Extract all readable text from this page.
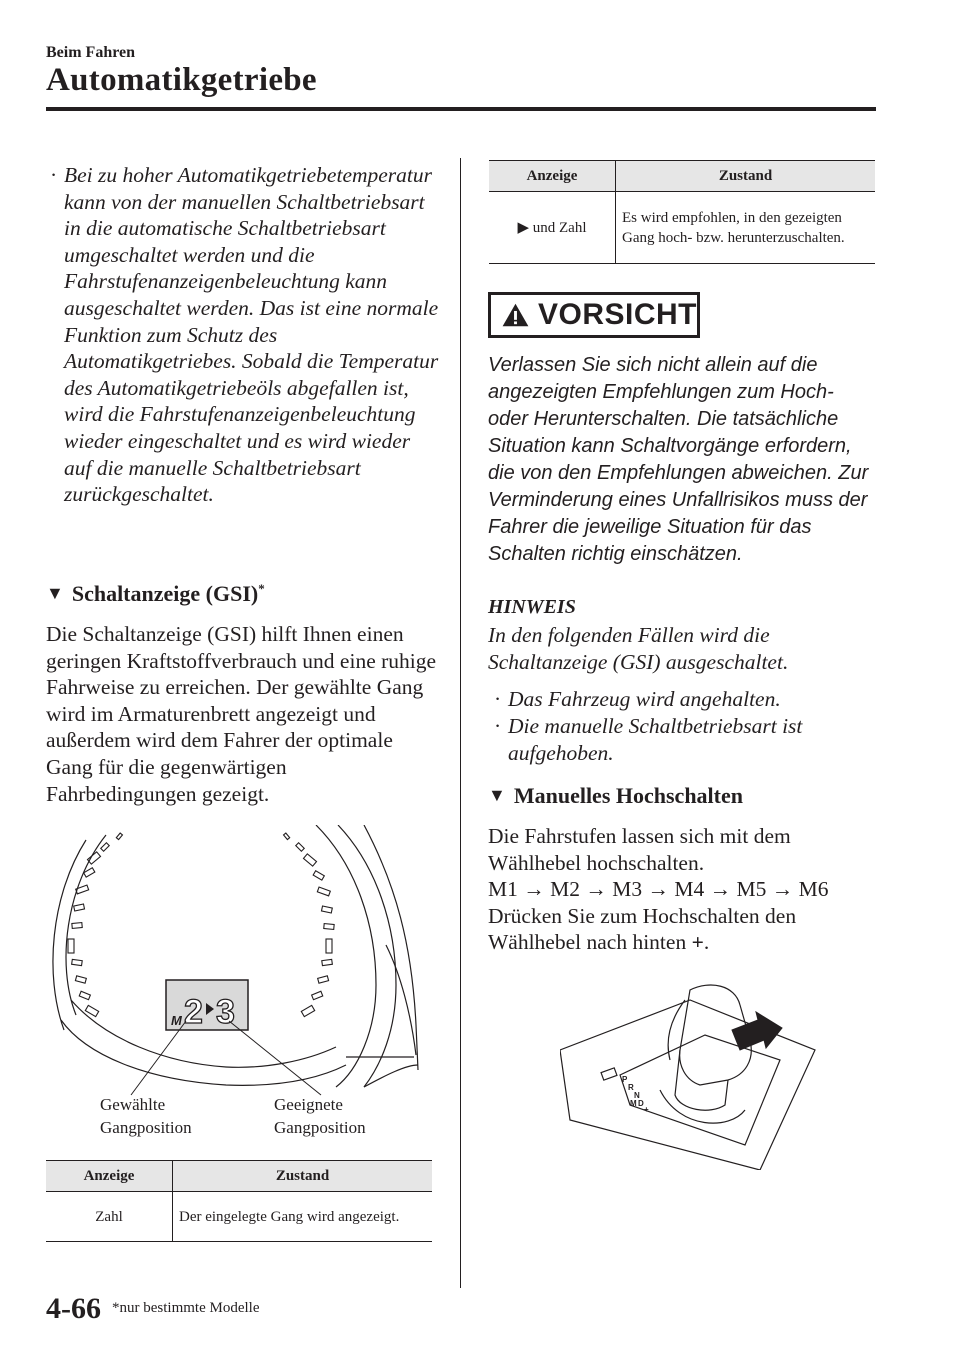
Beim Fahren
Automatikgetriebe
· Bei zu hoher Automatikgetriebetemperatur kann von der manuellen Schaltbetriebsart in die automatische Schaltbetriebsart umgeschaltet werden und die Fahrstufenanzeigenbeleuchtung kann ausgeschaltet werden. Das ist eine normale Funktion zum Schutz des Automatikgetriebes. Sobald die Temperatur des Automatikgetriebeöls abgefallen ist, wird die Fahrstufenanzeigenbeleuchtung wieder eingeschaltet und es wird wieder auf die manuelle Schaltbetriebsart zurückgeschaltet.
▼ Schaltanzeige (GSI)*
Die Schaltanzeige (GSI) hilft Ihnen einen geringen Kraftstoffverbrauch und eine ruhige Fahrweise zu erreichen. Der gewählte Gang wird im Armaturenbrett angezeigt und außerdem wird dem Fahrer der optimale Gang für die gegenwärtigen Fahrbedingungen gezeigt.
M 2 3
Gewählte
Gangposition
Geeignete
Gangposition
Anzeige	Zustand
Zahl	Der eingelegte Gang wird angezeigt.
Anzeige	Zustand
▶ und Zahl	Es wird empfohlen, in den gezeigten Gang hoch- bzw. herunterzuschalten.
VORSICHT
Verlassen Sie sich nicht allein auf die angezeigten Empfehlungen zum Hoch- oder Herunterschalten. Die tatsächliche Situation kann Schaltvorgänge erfordern, die von den Empfehlungen abweichen. Zur Verminderung eines Unfallrisikos muss der Fahrer die jeweilige Situation für das Schalten richtig einschätzen.
HINWEIS
In den folgenden Fällen wird die Schaltanzeige (GSI) ausgeschaltet.
· Das Fahrzeug wird angehalten.
· Die manuelle Schaltbetriebsart ist aufgehoben.
▼ Manuelles Hochschalten
Die Fahrstufen lassen sich mit dem Wählhebel hochschalten.
M1 → M2 → M3 → M4 → M5 → M6
Drücken Sie zum Hochschalten den Wählhebel nach hinten +.
P
R
N
D
M
+
4-66 *nur bestimmte Modelle
